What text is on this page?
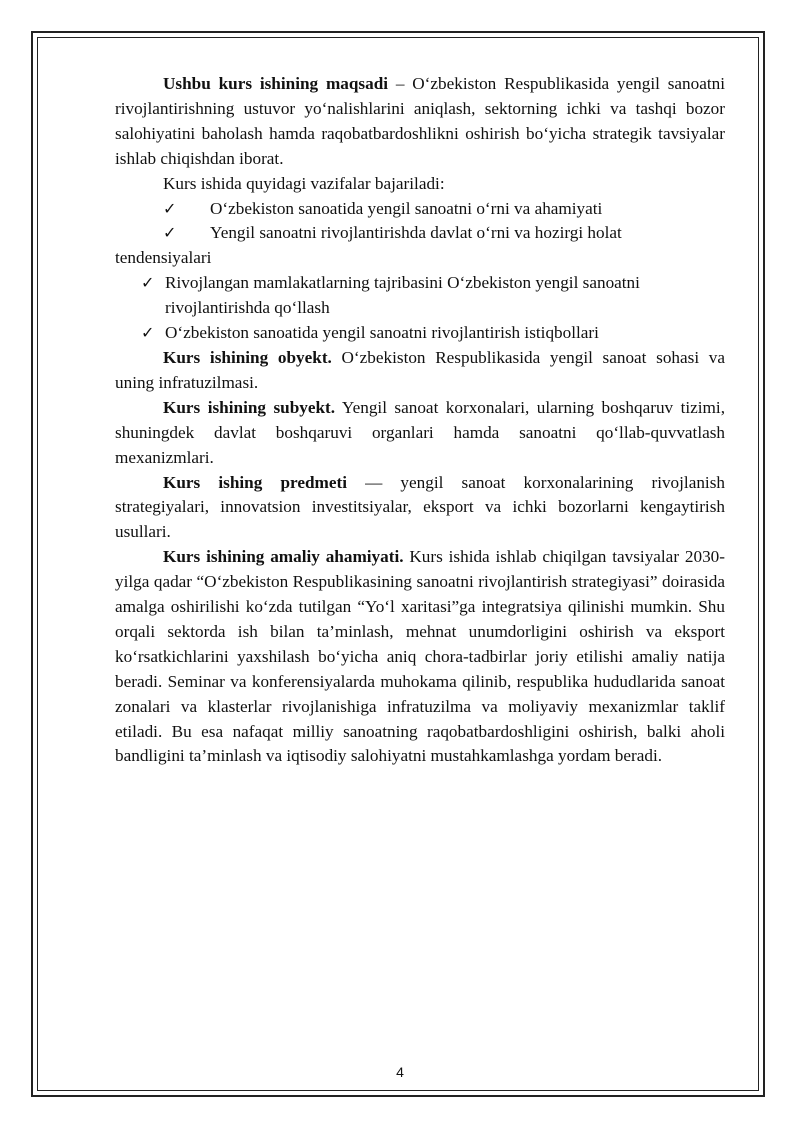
Ushbu kurs ishining maqsadi – O‘zbekiston Respublikasida yengil sanoatni rivojlantirishning ustuvor yo‘nalishlarini aniqlash, sektorning ichki va tashqi bozor salohiyatini baholash hamda raqobatbardoshlikni oshirish bo‘yicha strategik tavsiyalar ishlab chiqishdan iborat.

Kurs ishida quyidagi vazifalar bajariladi:

✓	O‘zbekiston sanoatida yengil sanoatni o‘rni va ahamiyati

✓	Yengil sanoatni rivojlantirishda davlat o‘rni va hozirgi holat

tendensiyalari

✓ Rivojlangan mamlakatlarning tajribasini O‘zbekiston yengil sanoatni

rivojlantirishda qo‘llash

✓ O‘zbekiston sanoatida yengil sanoatni rivojlantirish istiqbollari

Kurs ishining obyekt. O‘zbekiston Respublikasida yengil sanoat sohasi va uning infratuzilmasi.

Kurs ishining subyekt. Yengil sanoat korxonalari, ularning boshqaruv tizimi, shuningdek davlat boshqaruvi organlari hamda sanoatni qo‘llab-quvvatlash mexanizmlari.

Kurs ishing predmeti — yengil sanoat korxonalarining rivojlanish strategiyalari, innovatsion investitsiyalar, eksport va ichki bozorlarni kengaytirish usullari.

Kurs ishining amaliy ahamiyati. Kurs ishida ishlab chiqilgan tavsiyalar 2030-yilga qadar “O‘zbekiston Respublikasining sanoatni rivojlantirish strategiyasi” doirasida amalga oshirilishi ko‘zda tutilgan “Yo‘l xaritasi”ga integratsiya qilinishi mumkin. Shu orqali sektorda ish bilan ta’minlash, mehnat unumdorligini oshirish va eksport ko‘rsatkichlarini yaxshilash bo‘yicha aniq chora-tadbirlar joriy etilishi amaliy natija beradi. Seminar va konferensiyalarda muhokama qilinib, respublika hududlarida sanoat zonalari va klasterlar rivojlanishiga infratuzilma va moliyaviy mexanizmlar taklif etiladi. Bu esa nafaqat milliy sanoatning raqobatbardoshligini oshirish, balki aholi bandligini ta’minlash va iqtisodiy salohiyatni mustahkamlashga yordam beradi.

4
